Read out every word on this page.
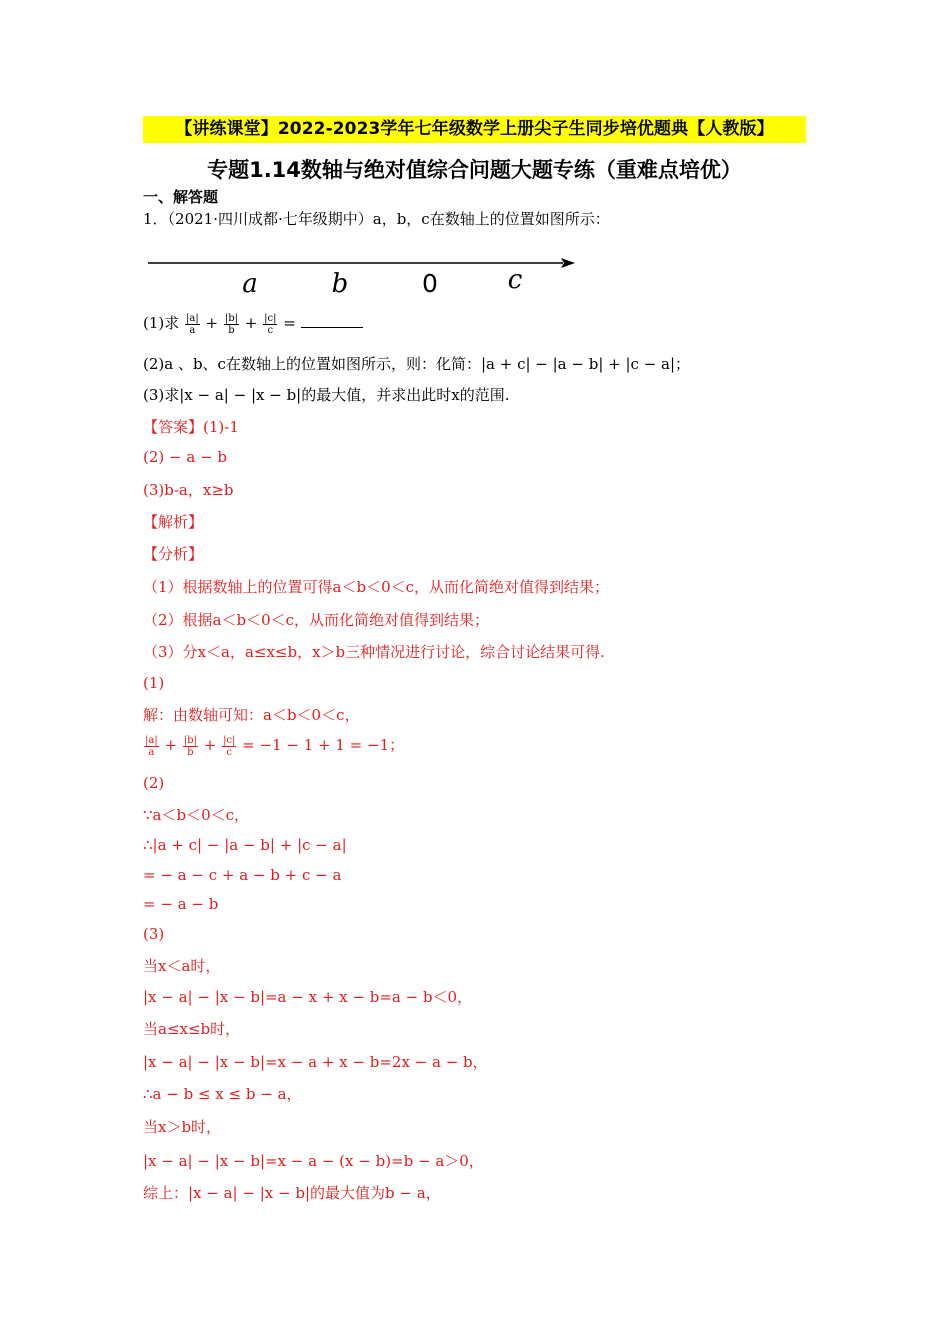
【讲练课堂】2022-2023学年七年级数学上册尖子生同步培优题典【人教版】
专题1.14数轴与绝对值综合问题大题专练（重难点培优）
一、解答题
1．（2021·四川成都·七年级期中）a，b，c在数轴上的位置如图所示：
a	b	0	c
(1)求 $\frac{|a|}{a} + \frac{|b|}{b} + \frac{|c|}{c}$ =
(2)a 、b、c在数轴上的位置如图所示，则：化简：|a + c| − |a − b| + |c − a|；
(3)求|x − a| − |x − b|的最大值，并求出此时x的范围.
【答案】(1)-1
(2) − a − b
(3)b-a，x≥b
【解析】
【分析】
（1）根据数轴上的位置可得a＜b＜0＜c，从而化简绝对值得到结果；
（2）根据a＜b＜0＜c，从而化简绝对值得到结果；
（3）分x＜a，a≤x≤b，x＞b三种情况进行讨论，综合讨论结果可得.
(1)
解：由数轴可知：a＜b＜0＜c，
$\frac{|a|}{a} + \frac{|b|}{b} + \frac{|c|}{c} = -1 - 1 + 1 = -1$；
(2)
∵a＜b＜0＜c，
∴|a + c| − |a − b| + |c − a|
= − a − c + a − b + c − a
= − a − b
(3)
当x＜a时，
|x − a| − |x − b|=a − x + x − b=a − b＜0，
当a≤x≤b时，
|x − a| − |x − b|=x − a + x − b=2x − a − b，
∴a − b ≤ x ≤ b − a，
当x＞b时，
|x − a| − |x − b|=x − a − (x − b)=b − a＞0，
综上：|x − a| − |x − b|的最大值为b − a，
